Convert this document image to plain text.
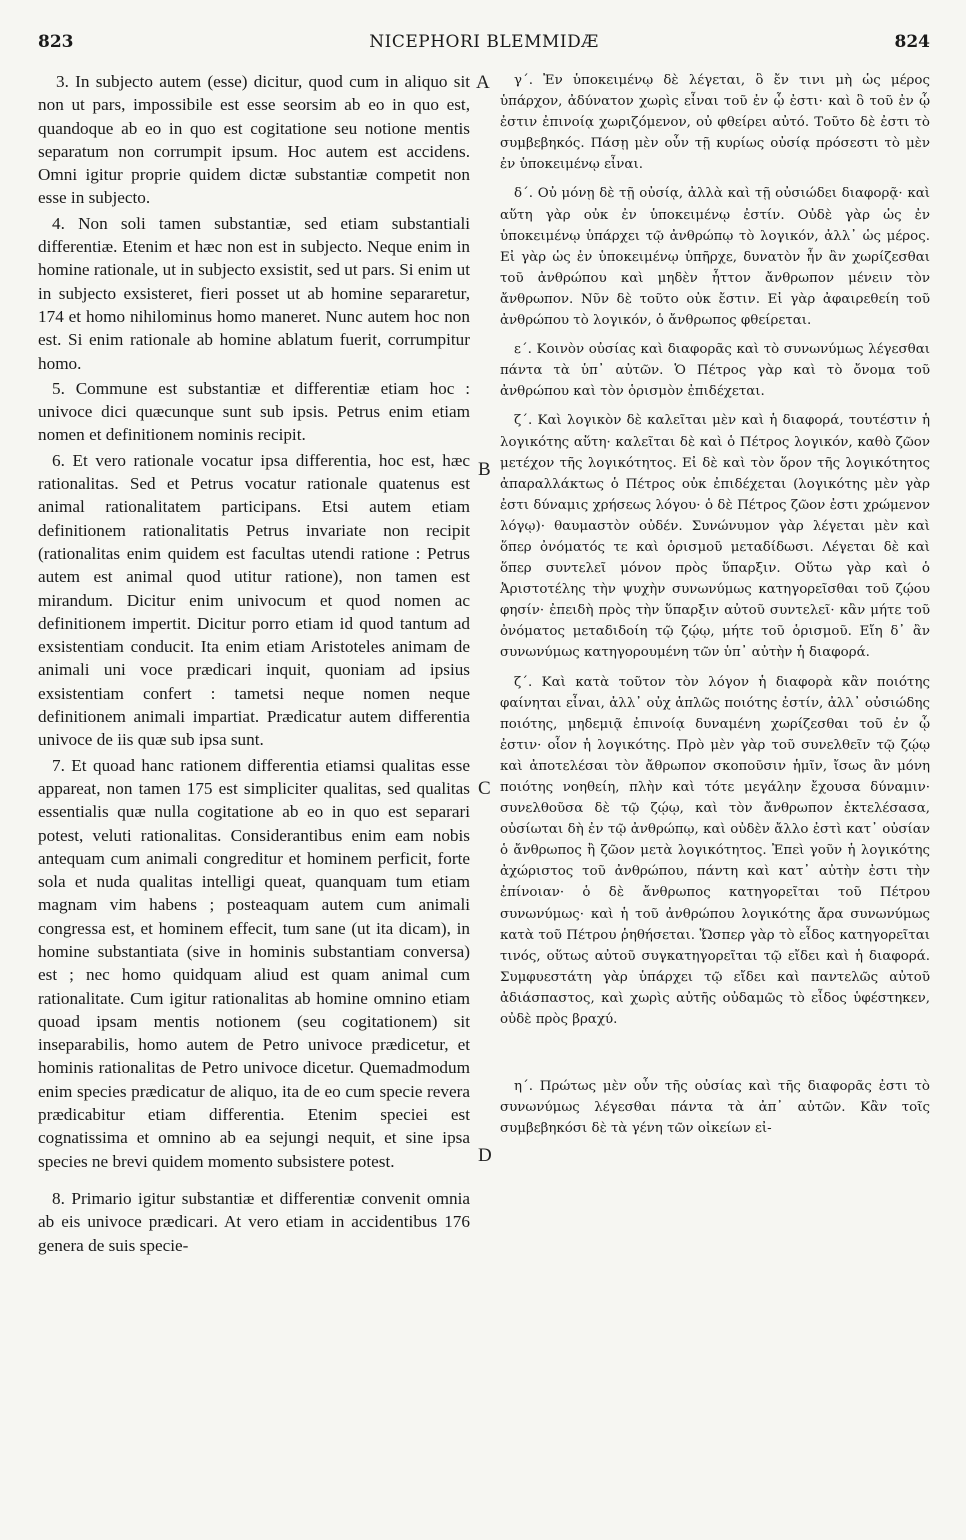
823	NICEPHORI BLEMMIDÆ	824
A
B
C
D

3. In subjecto autem (esse) dicitur, quod cum in aliquo sit non ut pars, impossibile est esse seorsim ab eo in quo est, quandoque ab eo in quo est cogitatione seu notione mentis separatum non corrumpit ipsum. Hoc autem est accidens. Omni igitur proprie quidem dictæ substantiæ competit non esse in subjecto.

4. Non soli tamen substantiæ, sed etiam substantiali differentiæ. Etenim et hæc non est in subjecto. Neque enim in homine rationale, ut in subjecto exsistit, sed ut pars. Si enim ut in subjecto exsisteret, fieri posset ut ab homine separaretur, 174 et homo nihilominus homo maneret. Nunc autem hoc non est. Si enim rationale ab homine ablatum fuerit, corrumpitur homo.

5. Commune est substantiæ et differentiæ etiam hoc : univoce dici quæcunque sunt sub ipsis. Petrus enim etiam nomen et definitionem nominis recipit.

6. Et vero rationale vocatur ipsa differentia, hoc est, hæc rationalitas. Sed et Petrus vocatur rationale quatenus est animal rationalitatem participans. Etsi autem etiam definitionem rationalitatis Petrus invariate non recipit (rationalitas enim quidem est facultas utendi ratione : Petrus autem est animal quod utitur ratione), non tamen est mirandum. Dicitur enim univocum et quod nomen ac definitionem impertit. Dicitur porro etiam id quod tantum ad exsistentiam conducit. Ita enim etiam Aristoteles animam de animali uni voce prædicari inquit, quoniam ad ipsius exsistentiam confert : tametsi neque nomen neque definitionem animali impartiat. Prædicatur autem differentia univoce de iis quæ sub ipsa sunt.

7. Et quoad hanc rationem differentia etiamsi qualitas esse appareat, non tamen 175 est simpliciter qualitas, sed qualitas essentialis quæ nulla cogitatione ab eo in quo est separari potest, veluti rationalitas. Considerantibus enim eam nobis antequam cum animali congreditur et hominem perficit, forte sola et nuda qualitas intelligi queat, quanquam tum etiam magnam vim habens ; posteaquam autem cum animali congressa est, et hominem effecit, tum sane (ut ita dicam), in homine substantiata (sive in hominis substantiam conversa) est ; nec homo quidquam aliud est quam animal cum rationalitate. Cum igitur rationalitas ab homine omnino etiam quoad ipsam mentis notionem (seu cogitationem) sit inseparabilis, homo autem de Petro univoce prædicetur, et hominis rationalitas de Petro univoce dicetur. Quemadmodum enim species prædicatur de aliquo, ita de eo cum specie revera prædicabitur etiam differentia. Etenim speciei est cognatissima et omnino ab ea sejungi nequit, et sine ipsa species ne brevi quidem momento subsistere potest.

8. Primario igitur substantiæ et differentiæ convenit omnia ab eis univoce prædicari. At vero etiam in accidentibus 176 genera de suis specie-

γ΄. Ἐν ὑποκειμένῳ δὲ λέγεται, ὃ ἔν τινι μὴ ὡς μέρος ὑπάρχον, ἀδύνατον χωρὶς εἶναι τοῦ ἐν ᾧ ἐστι· καὶ ὃ τοῦ ἐν ᾧ ἐστιν ἐπινοίᾳ χωριζόμενον, οὐ φθείρει αὐτό. Τοῦτο δὲ ἐστι τὸ συμβεβηκός. Πάσῃ μὲν οὖν τῇ κυρίως οὐσίᾳ πρόσεστι τὸ μὲν ἐν ὑποκειμένῳ εἶναι.

δ΄. Οὐ μόνῃ δὲ τῇ οὐσίᾳ, ἀλλὰ καὶ τῇ οὐσιώδει διαφορᾷ· καὶ αὕτη γὰρ οὐκ ἐν ὑποκειμένῳ ἐστίν. Οὐδὲ γὰρ ὡς ἐν ὑποκειμένῳ ὑπάρχει τῷ ἀνθρώπῳ τὸ λογικόν, ἀλλ᾽ ὡς μέρος. Εἰ γὰρ ὡς ἐν ὑποκειμένῳ ὑπῆρχε, δυνατὸν ἦν ἂν χωρίζεσθαι τοῦ ἀνθρώπου καὶ μηδὲν ἧττον ἄνθρωπον μένειν τὸν ἄνθρωπον. Νῦν δὲ τοῦτο οὐκ ἔστιν. Εἰ γὰρ ἀφαιρεθείη τοῦ ἀνθρώπου τὸ λογικόν, ὁ ἄνθρωπος φθείρεται.

ε΄. Κοινὸν οὐσίας καὶ διαφορᾶς καὶ τὸ συνωνύμως λέγεσθαι πάντα τὰ ὑπ᾽ αὐτῶν. Ὁ Πέτρος γὰρ καὶ τὸ ὄνομα τοῦ ἀνθρώπου καὶ τὸν ὁρισμὸν ἐπιδέχεται.

ζ΄. Καὶ λογικὸν δὲ καλεῖται μὲν καὶ ἡ διαφορά, τουτέστιν ἡ λογικότης αὕτη· καλεῖται δὲ καὶ ὁ Πέτρος λογικόν, καθὸ ζῶον μετέχον τῆς λογικότητος. Εἰ δὲ καὶ τὸν ὅρον τῆς λογικότητος ἀπαραλλάκτως ὁ Πέτρος οὐκ ἐπιδέχεται (λογικότης μὲν γὰρ ἐστι δύναμις χρήσεως λόγου· ὁ δὲ Πέτρος ζῶον ἐστι χρώμενον λόγῳ)· θαυμαστὸν οὐδέν. Συνώνυμον γὰρ λέγεται μὲν καὶ ὅπερ ὀνόματός τε καὶ ὁρισμοῦ μεταδίδωσι. Λέγεται δὲ καὶ ὅπερ συντελεῖ μόνον πρὸς ὕπαρξιν. Οὕτω γὰρ καὶ ὁ Ἀριστοτέλης τὴν ψυχὴν συνωνύμως κατηγορεῖσθαι τοῦ ζῴου φησίν· ἐπειδὴ πρὸς τὴν ὕπαρξιν αὐτοῦ συντελεῖ· κἂν μήτε τοῦ ὀνόματος μεταδιδοίη τῷ ζῴῳ, μήτε τοῦ ὁρισμοῦ. Εἴη δ᾽ ἂν συνωνύμως κατηγορουμένη τῶν ὑπ᾽ αὐτὴν ἡ διαφορά.

ζ΄. Καὶ κατὰ τοῦτον τὸν λόγον ἡ διαφορὰ κἂν ποιότης φαίνηται εἶναι, ἀλλ᾽ οὐχ ἁπλῶς ποιότης ἐστίν, ἀλλ᾽ οὐσιώδης ποιότης, μηδεμιᾷ ἐπινοίᾳ δυναμένη χωρίζεσθαι τοῦ ἐν ᾧ ἐστιν· οἷον ἡ λογικότης. Πρὸ μὲν γὰρ τοῦ συνελθεῖν τῷ ζῴῳ καὶ ἀποτελέσαι τὸν ἄθρωπον σκοποῦσιν ἡμῖν, ἴσως ἂν μόνη ποιότης νοηθείη, πλὴν καὶ τότε μεγάλην ἔχουσα δύναμιν· συνελθοῦσα δὲ τῷ ζῴῳ, καὶ τὸν ἄνθρωπον ἐκτελέσασα, οὐσίωται δὴ ἐν τῷ ἀνθρώπῳ, καὶ οὐδὲν ἄλλο ἐστὶ κατ᾽ οὐσίαν ὁ ἄνθρωπος ἢ ζῶον μετὰ λογικότητος. Ἐπεὶ γοῦν ἡ λογικότης ἀχώριστος τοῦ ἀνθρώπου, πάντη καὶ κατ᾽ αὐτὴν ἐστι τὴν ἐπίνοιαν· ὁ δὲ ἄνθρωπος κατηγορεῖται τοῦ Πέτρου συνωνύμως· καὶ ἡ τοῦ ἀνθρώπου λογικότης ἄρα συνωνύμως κατὰ τοῦ Πέτρου ῥηθήσεται. Ὥσπερ γὰρ τὸ εἶδος κατηγορεῖται τινός, οὕτως αὐτοῦ συγκατηγορεῖται τῷ εἴδει καὶ ἡ διαφορά. Συμφυεστάτη γὰρ ὑπάρχει τῷ εἴδει καὶ παντελῶς αὐτοῦ ἀδιάσπαστος, καὶ χωρὶς αὐτῆς οὐδαμῶς τὸ εἶδος ὑφέστηκεν, οὐδὲ πρὸς βραχύ.

η΄. Πρώτως μὲν οὖν τῆς οὐσίας καὶ τῆς διαφορᾶς ἐστι τὸ συνωνύμως λέγεσθαι πάντα τὰ ἀπ᾽ αὐτῶν. Κἂν τοῖς συμβεβηκόσι δὲ τὰ γένη τῶν οἰκείων εἰ-
